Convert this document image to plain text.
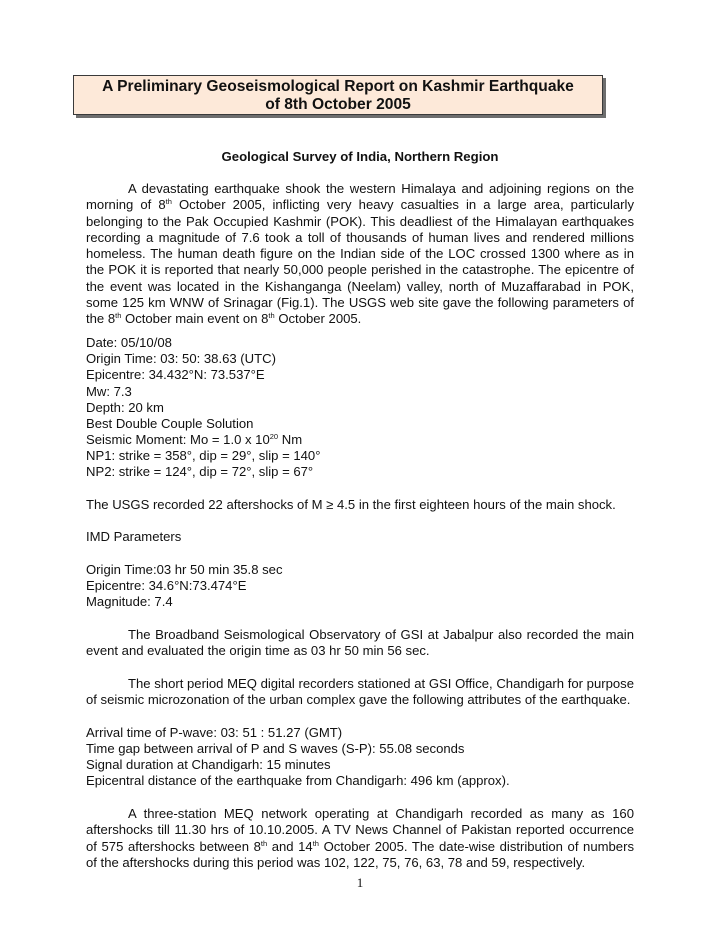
A Preliminary Geoseismological Report on Kashmir Earthquake
of 8th October 2005
Geological Survey of India, Northern Region

A devastating earthquake shook the western Himalaya and adjoining regions on the morning of 8th October 2005, inflicting very heavy casualties in a large area, particularly belonging to the Pak Occupied Kashmir (POK). This deadliest of the Himalayan earthquakes recording a magnitude of 7.6 took a toll of thousands of human lives and rendered millions homeless. The human death figure on the Indian side of the LOC crossed 1300 where as in the POK it is reported that nearly 50,000 people perished in the catastrophe. The epicentre of the event was located in the Kishanganga (Neelam) valley, north of Muzaffarabad in POK, some 125 km WNW of Srinagar (Fig.1). The USGS web site gave the following parameters of the 8th October main event on 8th October 2005.

Date: 05/10/08
Origin Time: 03: 50: 38.63 (UTC)
Epicentre: 34.432°N: 73.537°E
Mw: 7.3
Depth: 20 km
Best Double Couple Solution
Seismic Moment: Mo = 1.0 x $10^{20}$ Nm
NP1: strike = 358°, dip = 29°, slip = 140°
NP2: strike = 124°, dip = 72°, slip = 67°
The USGS recorded 22 aftershocks of M ≥ 4.5 in the first eighteen hours of the main shock.
IMD Parameters
Origin Time:03 hr 50 min 35.8 sec
Epicentre: 34.6°N:73.474°E
Magnitude: 7.4

The Broadband Seismological Observatory of GSI at Jabalpur also recorded the main event and evaluated the origin time as 03 hr 50 min 56 sec.

The short period MEQ digital recorders stationed at GSI Office, Chandigarh for purpose of seismic microzonation of the urban complex gave the following attributes of the earthquake.

Arrival time of P-wave: 03: 51 : 51.27 (GMT)
Time gap between arrival of P and S waves (S-P): 55.08 seconds
Signal duration at Chandigarh: 15 minutes
Epicentral distance of the earthquake from Chandigarh: 496 km (approx).

A three-station MEQ network operating at Chandigarh recorded as many as 160 aftershocks till 11.30 hrs of 10.10.2005. A TV News Channel of Pakistan reported occurrence of 575 aftershocks between 8th and 14th October 2005. The date-wise distribution of numbers of the aftershocks during this period was 102, 122, 75, 76, 63, 78 and 59, respectively.

1
